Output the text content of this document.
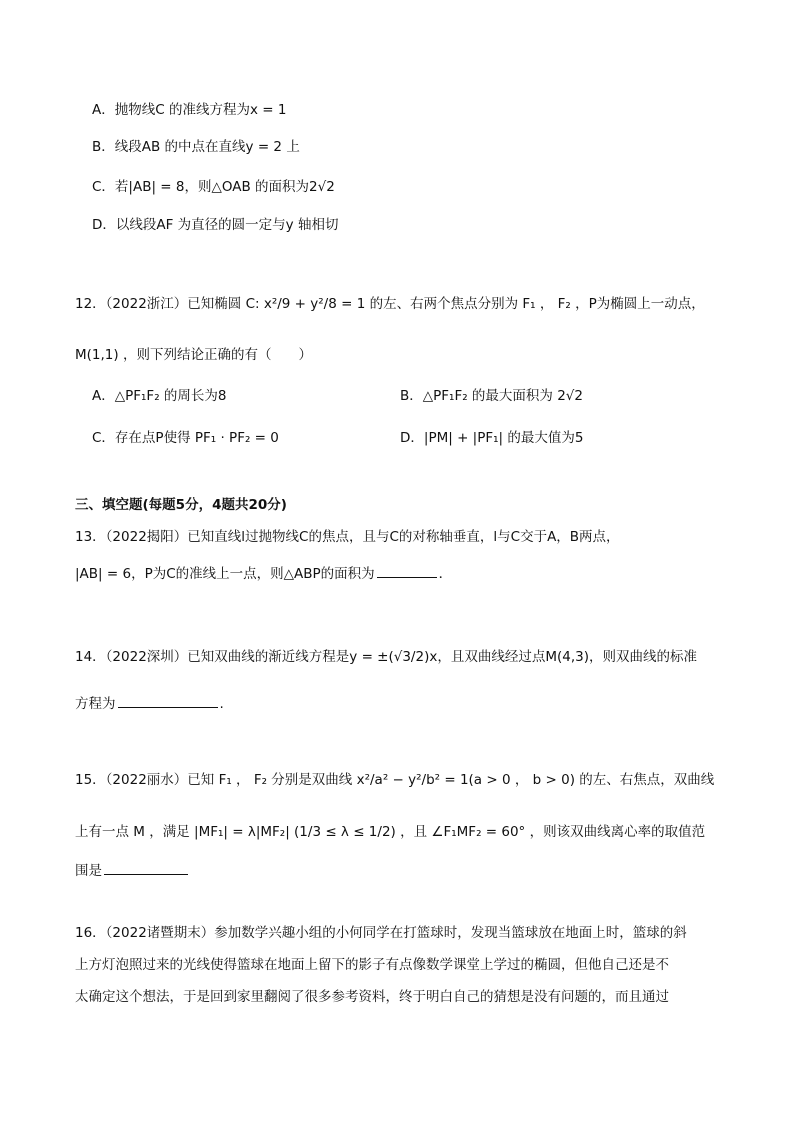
A．抛物线C 的准线方程为x = 1
B．线段AB 的中点在直线y = 2 上
C．若|AB| = 8，则△OAB 的面积为2√2
D．以线段AF 为直径的圆一定与y 轴相切
12．（2022浙江）已知椭圆 C: x²/9 + y²/8 = 1 的左、右两个焦点分别为 F₁ ， F₂ ，P为椭圆上一动点，
M(1,1) ，则下列结论正确的有（　　）
A．△PF₁F₂ 的周长为8	B．△PF₁F₂ 的最大面积为 2√2
C．存在点P使得 PF₁ · PF₂ = 0	D．|PM| + |PF₁| 的最大值为5
三、填空题(每题5分，4题共20分)
13．（2022揭阳）已知直线l过抛物线C的焦点，且与C的对称轴垂直，l与C交于A，B两点，
|AB| = 6，P为C的准线上一点，则△ABP的面积为	．
14．（2022深圳）已知双曲线的渐近线方程是y = ±(√3/2)x，且双曲线经过点M(4,3)，则双曲线的标准
方程为	.
15．（2022丽水）已知 F₁ ， F₂ 分别是双曲线 x²/a² − y²/b² = 1(a > 0 ， b > 0) 的左、右焦点，双曲线
上有一点 M ，满足 |MF₁| = λ|MF₂| (1/3 ≤ λ ≤ 1/2) ，且 ∠F₁MF₂ = 60° ，则该双曲线离心率的取值范
围是
16．（2022诸暨期末）参加数学兴趣小组的小何同学在打篮球时，发现当篮球放在地面上时，篮球的斜
上方灯泡照过来的光线使得篮球在地面上留下的影子有点像数学课堂上学过的椭圆，但他自己还是不
太确定这个想法，于是回到家里翻阅了很多参考资料，终于明白自己的猜想是没有问题的，而且通过
